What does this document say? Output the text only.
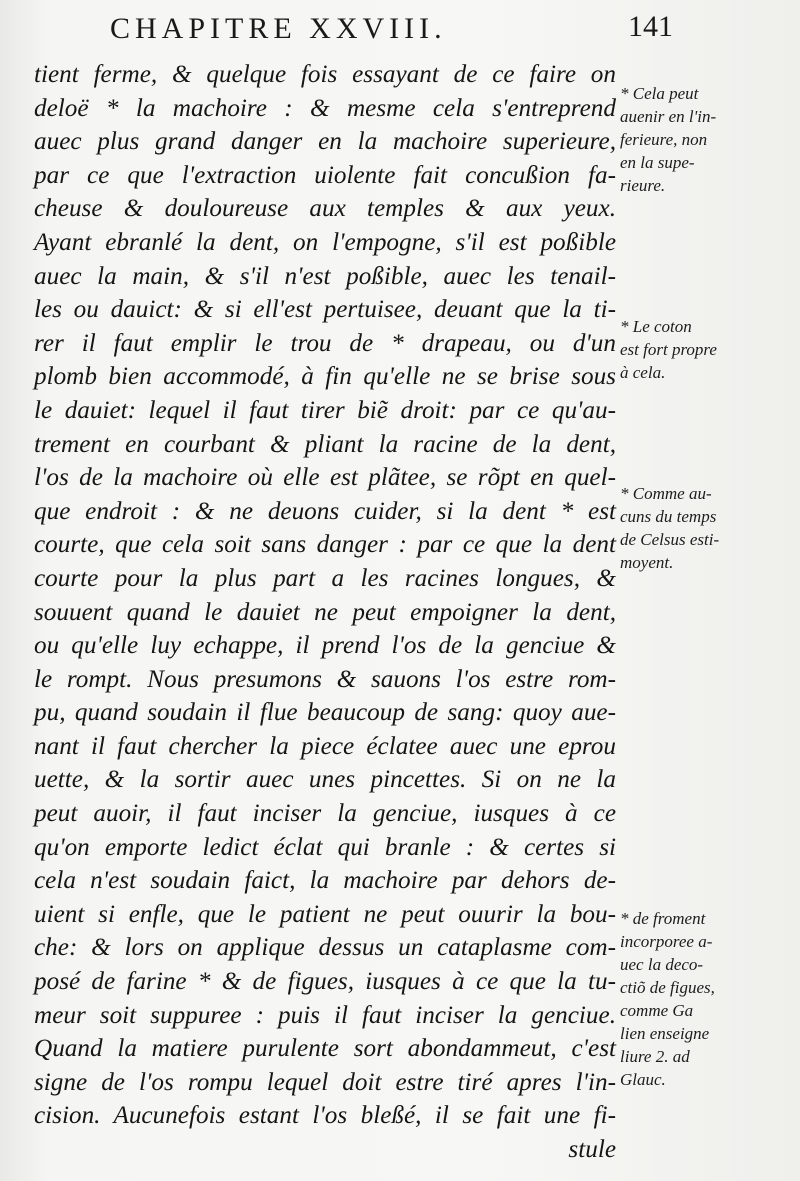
CHAPITRE XXVIII.	141
tient ferme, & quelque fois essayant de ce faire on
deloë * la machoire : & mesme cela s'entreprend
auec plus grand danger en la machoire superieure,
par ce que l'extraction uiolente fait concußion fa-
cheuse & douloureuse aux temples & aux yeux.
Ayant ebranlé la dent, on l'empogne, s'il est poßible
auec la main, & s'il n'est poßible, auec les tenail-
les ou dauict: & si ell'est pertuisee, deuant que la ti-
rer il faut emplir le trou de * drapeau, ou d'un
plomb bien accommodé, à fin qu'elle ne se brise sous
le dauiet: lequel il faut tirer biẽ droit: par ce qu'au-
trement en courbant & pliant la racine de la dent,
l'os de la machoire où elle est plãtee, se rõpt en quel-
que endroit : & ne deuons cuider, si la dent * est
courte, que cela soit sans danger : par ce que la dent
courte pour la plus part a les racines longues, &
souuent quand le dauiet ne peut empoigner la dent,
ou qu'elle luy echappe, il prend l'os de la genciue &
le rompt. Nous presumons & sauons l'os estre rom-
pu, quand soudain il flue beaucoup de sang: quoy aue-
nant il faut chercher la piece éclatee auec une eprou
uette, & la sortir auec unes pincettes. Si on ne la
peut auoir, il faut inciser la genciue, iusques à ce
qu'on emporte ledict éclat qui branle : & certes si
cela n'est soudain faict, la machoire par dehors de-
uient si enfle, que le patient ne peut ouurir la bou-
che: & lors on applique dessus un cataplasme com-
posé de farine * & de figues, iusques à ce que la tu-
meur soit suppuree : puis il faut inciser la genciue.
Quand la matiere purulente sort abondammeut, c'est
signe de l'os rompu lequel doit estre tiré apres l'in-
cision. Aucunefois estant l'os bleßé, il se fait une fi-
stule
* Cela peut
auenir en l'in-
ferieure, non
en la supe-
rieure.
* Le coton
est fort propre
à cela.
* Comme au-
cuns du temps
de Celsus esti-
moyent.
* de froment
incorporee a-
uec la deco-
ctiõ de figues,
comme Ga
lien enseigne
liure 2. ad
Glauc.
